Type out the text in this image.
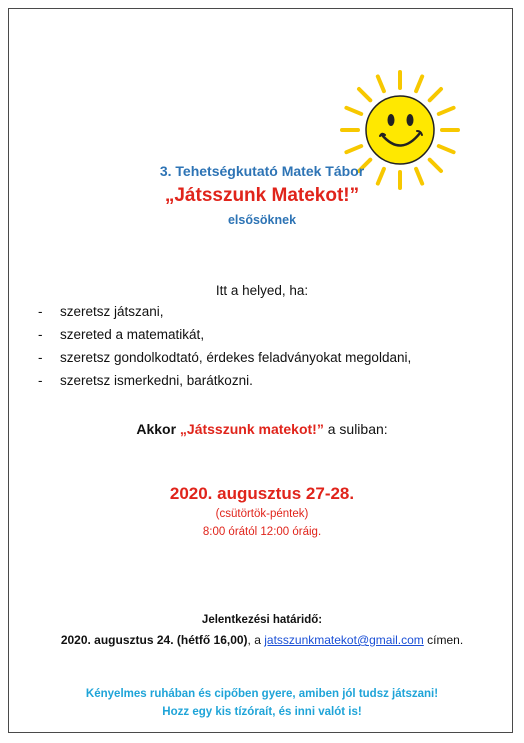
3. Tehetségkutató Matek Tábor
„Játsszunk Matekot!”
elsősöknek
Itt a helyed, ha:
- szeretsz játszani,
- szereted a matematikát,
- szeretsz gondolkodtató, érdekes feladványokat megoldani,
- szeretsz ismerkedni, barátkozni.
Akkor „Játsszunk matekot!” a suliban:
2020. augusztus 27-28.
(csütörtök-péntek)
8:00 órától 12:00 óráig.
Jelentkezési határidő:
2020. augusztus 24. (hétfő 16,00), a jatsszunkmatekot@gmail.com címen.
Kényelmes ruhában és cipőben gyere, amiben jól tudsz játszani!
Hozz egy kis tízóraít, és inni valót is!
